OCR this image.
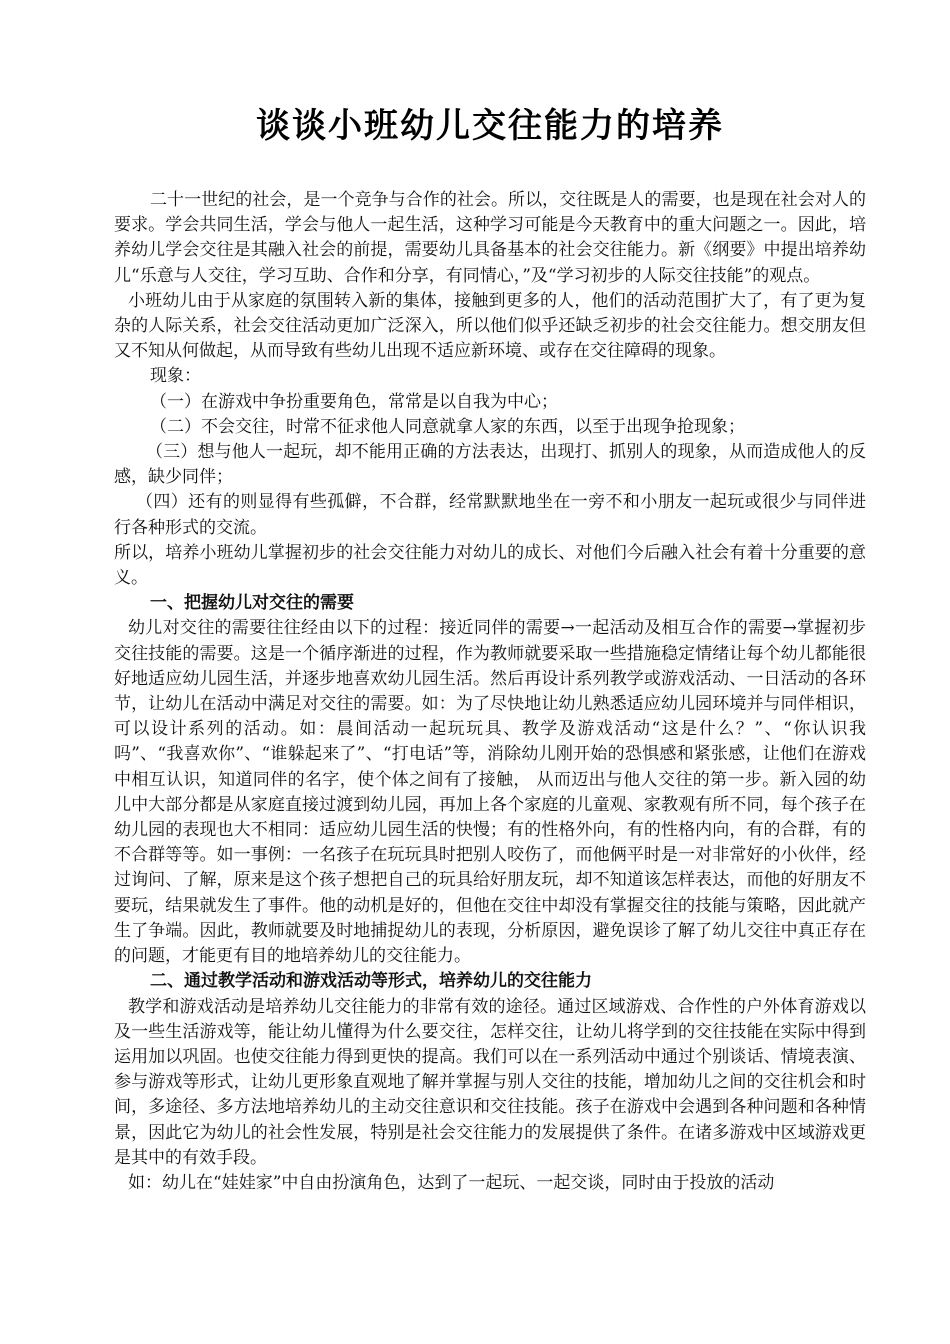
谈谈小班幼儿交往能力的培养

二十一世纪的社会，是一个竞争与合作的社会。所以，交往既是人的需要，也是现在社会对人的要求。学会共同生活，学会与他人一起生活，这种学习可能是今天教育中的重大问题之一。因此，培养幼儿学会交往是其融入社会的前提，需要幼儿具备基本的社会交往能力。新《纲要》中提出培养幼儿“乐意与人交往，学习互助、合作和分享，有同情心，”及“学习初步的人际交往技能”的观点。

小班幼儿由于从家庭的氛围转入新的集体，接触到更多的人，他们的活动范围扩大了，有了更为复杂的人际关系，社会交往活动更加广泛深入，所以他们似乎还缺乏初步的社会交往能力。想交朋友但又不知从何做起，从而导致有些幼儿出现不适应新环境、或存在交往障碍的现象。

现象：

（一）在游戏中争扮重要角色，常常是以自我为中心；

（二）不会交往，时常不征求他人同意就拿人家的东西，以至于出现争抢现象；

（三）想与他人一起玩，却不能用正确的方法表达，出现打、抓别人的现象，从而造成他人的反感，缺少同伴；

（四）还有的则显得有些孤僻，不合群，经常默默地坐在一旁不和小朋友一起玩或很少与同伴进行各种形式的交流。

所以，培养小班幼儿掌握初步的社会交往能力对幼儿的成长、对他们今后融入社会有着十分重要的意义。

一、把握幼儿对交往的需要

幼儿对交往的需要往往经由以下的过程：接近同伴的需要→一起活动及相互合作的需要→掌握初步交往技能的需要。这是一个循序渐进的过程，作为教师就要采取一些措施稳定情绪让每个幼儿都能很好地适应幼儿园生活，并逐步地喜欢幼儿园生活。然后再设计系列教学或游戏活动、一日活动的各环节，让幼儿在活动中满足对交往的需要。如：为了尽快地让幼儿熟悉适应幼儿园环境并与同伴相识，可以设计系列的活动。如：晨间活动一起玩玩具、教学及游戏活动“这是什么？”、“你认识我吗”、“我喜欢你”、“谁躲起来了”、“打电话”等，消除幼儿刚开始的恐惧感和紧张感，让他们在游戏中相互认识，知道同伴的名字，使个体之间有了接触， 从而迈出与他人交往的第一步。新入园的幼儿中大部分都是从家庭直接过渡到幼儿园，再加上各个家庭的儿童观、家教观有所不同，每个孩子在幼儿园的表现也大不相同：适应幼儿园生活的快慢；有的性格外向，有的性格内向，有的合群，有的不合群等等。如一事例：一名孩子在玩玩具时把别人咬伤了，而他俩平时是一对非常好的小伙伴，经过询问、了解，原来是这个孩子想把自己的玩具给好朋友玩，却不知道该怎样表达，而他的好朋友不要玩，结果就发生了事件。他的动机是好的，但他在交往中却没有掌握交往的技能与策略，因此就产生了争端。因此，教师就要及时地捕捉幼儿的表现，分析原因，避免误诊了解了幼儿交往中真正存在的问题，才能更有目的地培养幼儿的交往能力。

二、通过教学活动和游戏活动等形式，培养幼儿的交往能力

教学和游戏活动是培养幼儿交往能力的非常有效的途径。通过区域游戏、合作性的户外体育游戏以及一些生活游戏等，能让幼儿懂得为什么要交往，怎样交往，让幼儿将学到的交往技能在实际中得到运用加以巩固。也使交往能力得到更快的提高。我们可以在一系列活动中通过个别谈话、情境表演、参与游戏等形式，让幼儿更形象直观地了解并掌握与别人交往的技能，增加幼儿之间的交往机会和时间，多途径、多方法地培养幼儿的主动交往意识和交往技能。孩子在游戏中会遇到各种问题和各种情景，因此它为幼儿的社会性发展，特别是社会交往能力的发展提供了条件。在诸多游戏中区域游戏更是其中的有效手段。

如：幼儿在“娃娃家”中自由扮演角色，达到了一起玩、一起交谈，同时由于投放的活动
